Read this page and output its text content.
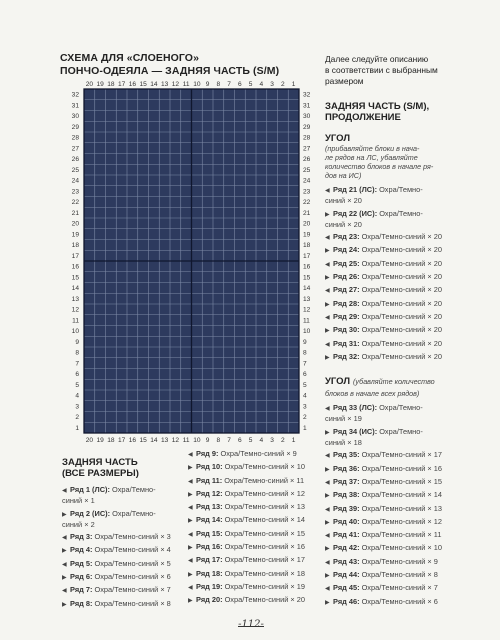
СХЕМА ДЛЯ «СЛОЕНОГО»
ПОНЧО-ОДЕЯЛА — ЗАДНЯЯ ЧАСТЬ (S/M)
20
20
19
19
18
18
17
17
16
16
15
15
14
14
13
13
12
12
11
11
10
10
9
9
8
8
7
7
6
6
5
5
4
4
3
3
2
2
1
1
32	32
31	31
30	30
29	29
28	28
27	27
26	26
25	25
24	24
23	23
22	22
21	21
20	20
19	19
18	18
17	17
16	16
15	15
14	14
13	13
12	12
11	11
10	10
9	9
8	8
7	7
6	6
5	5
4	4
3	3
2	2
1	1
ЗАДНЯЯ ЧАСТЬ
(ВСЕ РАЗМЕРЫ)
◀ Ряд 1 (ЛС): Охра/Темно-
синий × 1
▶ Ряд 2 (ИС): Охра/Темно-
синий × 2
◀ Ряд 3: Охра/Темно-синий × 3
▶ Ряд 4: Охра/Темно-синий × 4
◀ Ряд 5: Охра/Темно-синий × 5
▶ Ряд 6: Охра/Темно-синий × 6
◀ Ряд 7: Охра/Темно-синий × 7
▶ Ряд 8: Охра/Темно-синий × 8
◀ Ряд 9: Охра/Темно-синий × 9
▶ Ряд 10: Охра/Темно-синий × 10
◀ Ряд 11: Охра/Темно-синий × 11
▶ Ряд 12: Охра/Темно-синий × 12
◀ Ряд 13: Охра/Темно-синий × 13
▶ Ряд 14: Охра/Темно-синий × 14
◀ Ряд 15: Охра/Темно-синий × 15
▶ Ряд 16: Охра/Темно-синий × 16
◀ Ряд 17: Охра/Темно-синий × 17
▶ Ряд 18: Охра/Темно-синий × 18
◀ Ряд 19: Охра/Темно-синий × 19
▶ Ряд 20: Охра/Темно-синий × 20
Далее следуйте описанию
в соответствии с выбранным
размером
ЗАДНЯЯ ЧАСТЬ (S/M),
ПРОДОЛЖЕНИЕ
УГОЛ
(прибавляйте блоки в нача-
ле рядов на ЛС, убавляйте
количество блоков в начале ря-
дов на ИС)
◀ Ряд 21 (ЛС): Охра/Темно-
синий × 20
▶ Ряд 22 (ИС): Охра/Темно-
синий × 20
◀ Ряд 23: Охра/Темно-синий × 20
▶ Ряд 24: Охра/Темно-синий × 20
◀ Ряд 25: Охра/Темно-синий × 20
▶ Ряд 26: Охра/Темно-синий × 20
◀ Ряд 27: Охра/Темно-синий × 20
▶ Ряд 28: Охра/Темно-синий × 20
◀ Ряд 29: Охра/Темно-синий × 20
▶ Ряд 30: Охра/Темно-синий × 20
◀ Ряд 31: Охра/Темно-синий × 20
▶ Ряд 32: Охра/Темно-синий × 20
УГОЛ (убавляйте количество
блоков в начале всех рядов)
◀ Ряд 33 (ЛС): Охра/Темно-
синий × 19
▶ Ряд 34 (ИС): Охра/Темно-
синий × 18
◀ Ряд 35: Охра/Темно-синий × 17
▶ Ряд 36: Охра/Темно-синий × 16
◀ Ряд 37: Охра/Темно-синий × 15
▶ Ряд 38: Охра/Темно-синий × 14
◀ Ряд 39: Охра/Темно-синий × 13
▶ Ряд 40: Охра/Темно-синий × 12
◀ Ряд 41: Охра/Темно-синий × 11
▶ Ряд 42: Охра/Темно-синий × 10
◀ Ряд 43: Охра/Темно-синий × 9
▶ Ряд 44: Охра/Темно-синий × 8
◀ Ряд 45: Охра/Темно-синий × 7
▶ Ряд 46: Охра/Темно-синий × 6
-112-
